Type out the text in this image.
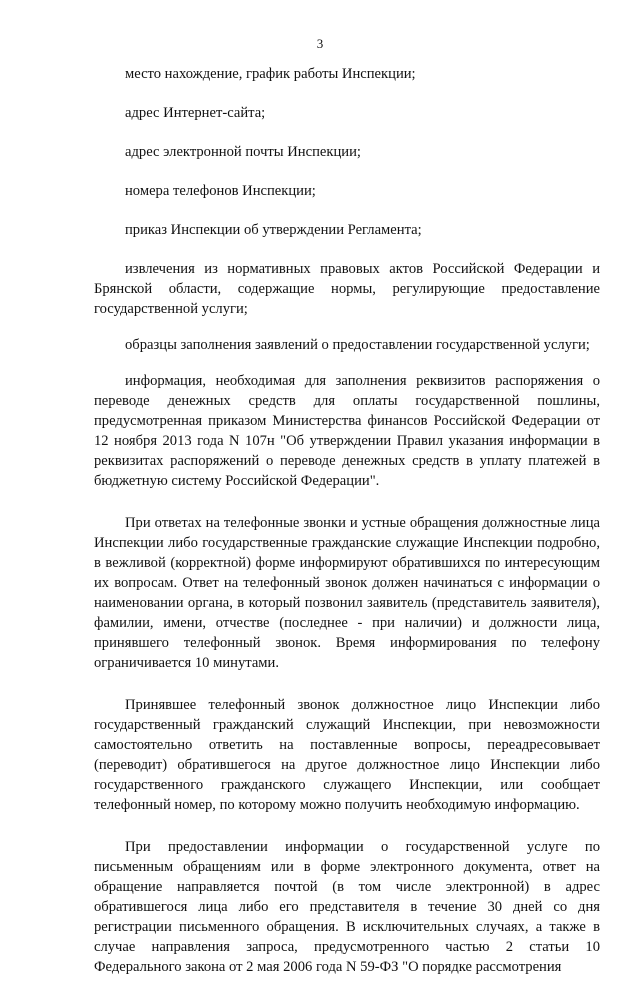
3

место нахождение, график работы Инспекции;

адрес Интернет-сайта;

адрес электронной почты Инспекции;

номера телефонов Инспекции;

приказ Инспекции об утверждении Регламента;

извлечения из нормативных правовых актов Российской Федерации и Брянской области, содержащие нормы, регулирующие предоставление государственной услуги;

образцы заполнения заявлений о предоставлении государственной услуги;

информация, необходимая для заполнения реквизитов распоряжения о переводе денежных средств для оплаты государственной пошлины, предусмотренная приказом Министерства финансов Российской Федерации от 12 ноября 2013 года N 107н "Об утверждении Правил указания информации в реквизитах распоряжений о переводе денежных средств в уплату платежей в бюджетную систему Российской Федерации".

При ответах на телефонные звонки и устные обращения должностные лица Инспекции либо государственные гражданские служащие Инспекции подробно, в вежливой (корректной) форме информируют обратившихся по интересующим их вопросам. Ответ на телефонный звонок должен начинаться с информации о наименовании органа, в который позвонил заявитель (представитель заявителя), фамилии, имени, отчестве (последнее - при наличии) и должности лица, принявшего телефонный звонок. Время информирования по телефону ограничивается 10 минутами.

Принявшее телефонный звонок должностное лицо Инспекции либо государственный гражданский служащий Инспекции, при невозможности самостоятельно ответить на поставленные вопросы, переадресовывает (переводит) обратившегося на другое должностное лицо Инспекции либо государственного гражданского служащего Инспекции, или сообщает телефонный номер, по которому можно получить необходимую информацию.

При предоставлении информации о государственной услуге по письменным обращениям или в форме электронного документа, ответ на обращение направляется почтой (в том числе электронной) в адрес обратившегося лица либо его представителя в течение 30 дней со дня регистрации письменного обращения. В исключительных случаях, а также в случае направления запроса, предусмотренного частью 2 статьи 10 Федерального закона от 2 мая 2006 года N 59-ФЗ "О порядке рассмотрения
